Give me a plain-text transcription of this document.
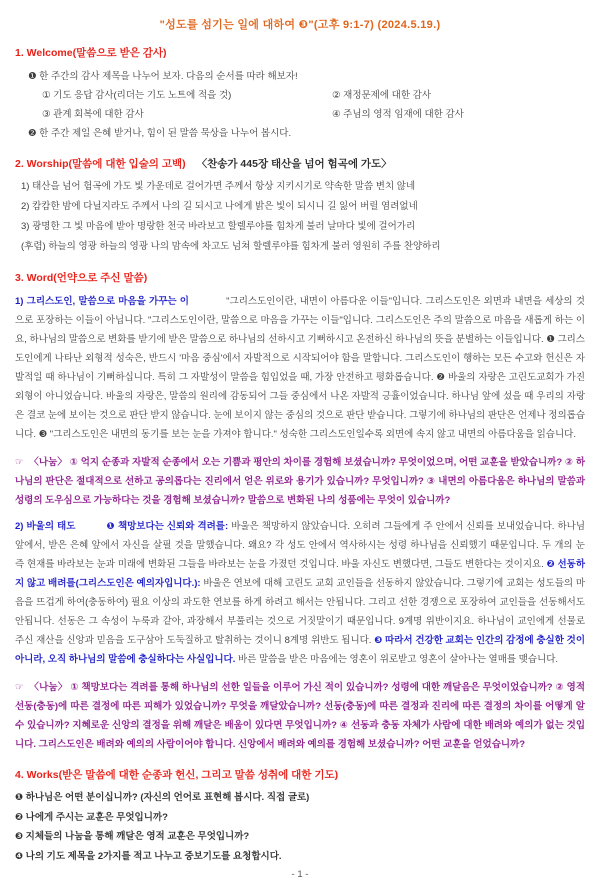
"성도를 섬기는 일에 대하여 ❸"(고후 9:1-7) (2024.5.19.)
1. Welcome(말씀으로 받은 감사)
❶ 한 주간의 감사 제목을 나누어 보자. 다음의 순서를 따라 해보자!
① 기도 응답 감사(리더는 기도 노트에 적을 것)	② 재정문제에 대한 감사
③ 관계 회복에 대한 감사	④ 주님의 영적 임재에 대한 감사
❷ 한 주간 제일 은혜 받거나, 힘이 된 말씀 묵상을 나누어 봅시다.
2. Worship(말씀에 대한 입술의 고백) 〈찬송가 445장 태산을 넘어 험곡에 가도〉
1) 태산을 넘어 험곡에 가도 빛 가운데로 걸어가면 주께서 항상 지키시기로 약속한 말씀 변치 않네
2) 캄캄한 밤에 다닐지라도 주께서 나의 길 되시고 나에게 밝은 빛이 되시니 길 잃어 버릴 염려없네
3) 광명한 그 빛 마음에 받아 명랑한 천국 바라보고 할렐루야를 힘차게 불러 날마다 빛에 걸어가리
(후렴) 하늘의 영광 하늘의 영광 나의 맘속에 차고도 넘쳐 할렐루야를 힘차게 불러 영원히 주를 찬양하리
3. Word(언약으로 주신 말씀)

1) 그리스도인, 말씀으로 마음을 가꾸는 이	"그리스도인이란, 내면이 아름다운 이들"입니다. 그리스도인은 외면과 내면을 세상의 것으로 포장하는 이들이 아닙니다. "그리스도인이란, 말씀으로 마음을 가꾸는 이들"입니다. 그리스도인은 주의 말씀으로 마음을 새롭게 하는 이요, 하나님의 말씀으로 변화를 받기에 받은 말씀으로 하나님의 선하시고 기뻐하시고 온전하신 하나님의 뜻을 분별하는 이들입니다. ❶ 그리스도인에게 나타난 외형적 성숙은, 반드시 '마음 중심'에서 자발적으로 시작되어야 함을 말합니다. 그리스도인이 행하는 모든 수고와 헌신은 자발적일 때 하나님이 기뻐하십니다. 특히 그 자발성이 말씀을 힘입었을 때, 가장 안전하고 평화롭습니다. ❷ 바울의 자랑은 고린도교회가 가진 외형이 아니었습니다. 바울의 자랑은, 말씀의 원리에 감동되어 그들 중심에서 나온 자발적 긍휼이었습니다. 하나님 앞에 섰을 때 우리의 자랑은 결코 눈에 보이는 것으로 판단 받지 않습니다. 눈에 보이지 않는 중심의 것으로 판단 받습니다. 그렇기에 하나님의 판단은 언제나 정의롭습니다. ❸ "그리스도인은 내면의 동기를 보는 눈을 가져야 합니다." 성숙한 그리스도인일수록 외면에 속지 않고 내면의 아름다움을 읽습니다.

☞ 〈나눔〉 ① 억지 순종과 자발적 순종에서 오는 기쁨과 평안의 차이를 경험해 보셨습니까? 무엇이었으며, 어떤 교훈을 받았습니까? ② 하나님의 판단은 절대적으로 선하고 공의롭다는 진리에서 얻은 위로와 용기가 있습니까? 무엇입니까? ③ 내면의 아름다움은 하나님의 말씀과 성령의 도우심으로 가능하다는 것을 경험해 보셨습니까? 말씀으로 변화된 나의 성품에는 무엇이 있습니까?

2) 바울의 태도	❶ 책망보다는 신뢰와 격려를: 바울은 책망하지 않았습니다. 오히려 그들에게 주 안에서 신뢰를 보내었습니다. 하나님 앞에서, 받은 은혜 앞에서 자신을 살필 것을 말했습니다. 왜요? 각 성도 안에서 역사하시는 성령 하나님을 신뢰했기 때문입니다. 두 개의 눈 즉 현재를 바라보는 눈과 미래에 변화된 그들을 바라보는 눈을 가졌던 것입니다. 바울 자신도 변했다면, 그들도 변한다는 것이지요. ❷ 선동하지 않고 배려를(그리스도인은 예의자입니다.): 바울은 연보에 대해 고린도 교회 교인들을 선동하지 않았습니다. 그렇기에 교회는 성도들의 마음을 뜨겁게 하여(충동하여) 필요 이상의 과도한 연보를 하게 하려고 해서는 안됩니다. 그리고 선한 경쟁으로 포장하여 교인들을 선동해서도 안됩니다. 선동은 그 속성이 누룩과 같아, 과장해서 부풀리는 것으로 거짓말이기 때문입니다. 9계명 위반이지요. 하나님이 교인에게 선물로 주신 재산을 신앙과 믿음을 도구삼아 도둑질하고 탈취하는 것이니 8계명 위반도 됩니다. ❸ 따라서 건강한 교회는 인간의 감정에 충실한 것이 아니라, 오직 하나님의 말씀에 충실하다는 사실입니다. 바른 말씀을 받은 마음에는 영혼이 위로받고 영혼이 살아나는 열매를 맺습니다.

☞ 〈나눔〉 ① 책망보다는 격려를 통해 하나님의 선한 일들을 이루어 가신 적이 있습니까? 성령에 대한 깨달음은 무엇이었습니까? ② 영적 선동(충동)에 따른 결정에 따른 피해가 있었습니까? 무엇을 깨달았습니까? 선동(충동)에 따른 결정과 진리에 따른 결정의 차이를 어떻게 알 수 있습니까? 지혜로운 신앙의 결정을 위해 깨달은 배움이 있다면 무엇입니까? ④ 선동과 충동 자체가 사람에 대한 배려와 예의가 없는 것입니다. 그리스도인은 배려와 예의의 사람이어야 합니다. 신앙에서 배려와 예의를 경험해 보셨습니까? 어떤 교훈을 얻었습니까?

4. Works(받은 말씀에 대한 순종과 헌신, 그리고 말씀 성취에 대한 기도)
❶ 하나님은 어떤 분이십니까? (자신의 언어로 표현해 봅시다. 직접 글로)
❷ 나에게 주시는 교훈은 무엇입니까?
❸ 지체들의 나눔을 통해 깨달은 영적 교훈은 무엇입니까?
❹ 나의 기도 제목을 2가지를 적고 나누고 중보기도를 요청합시다.
- 1 -
